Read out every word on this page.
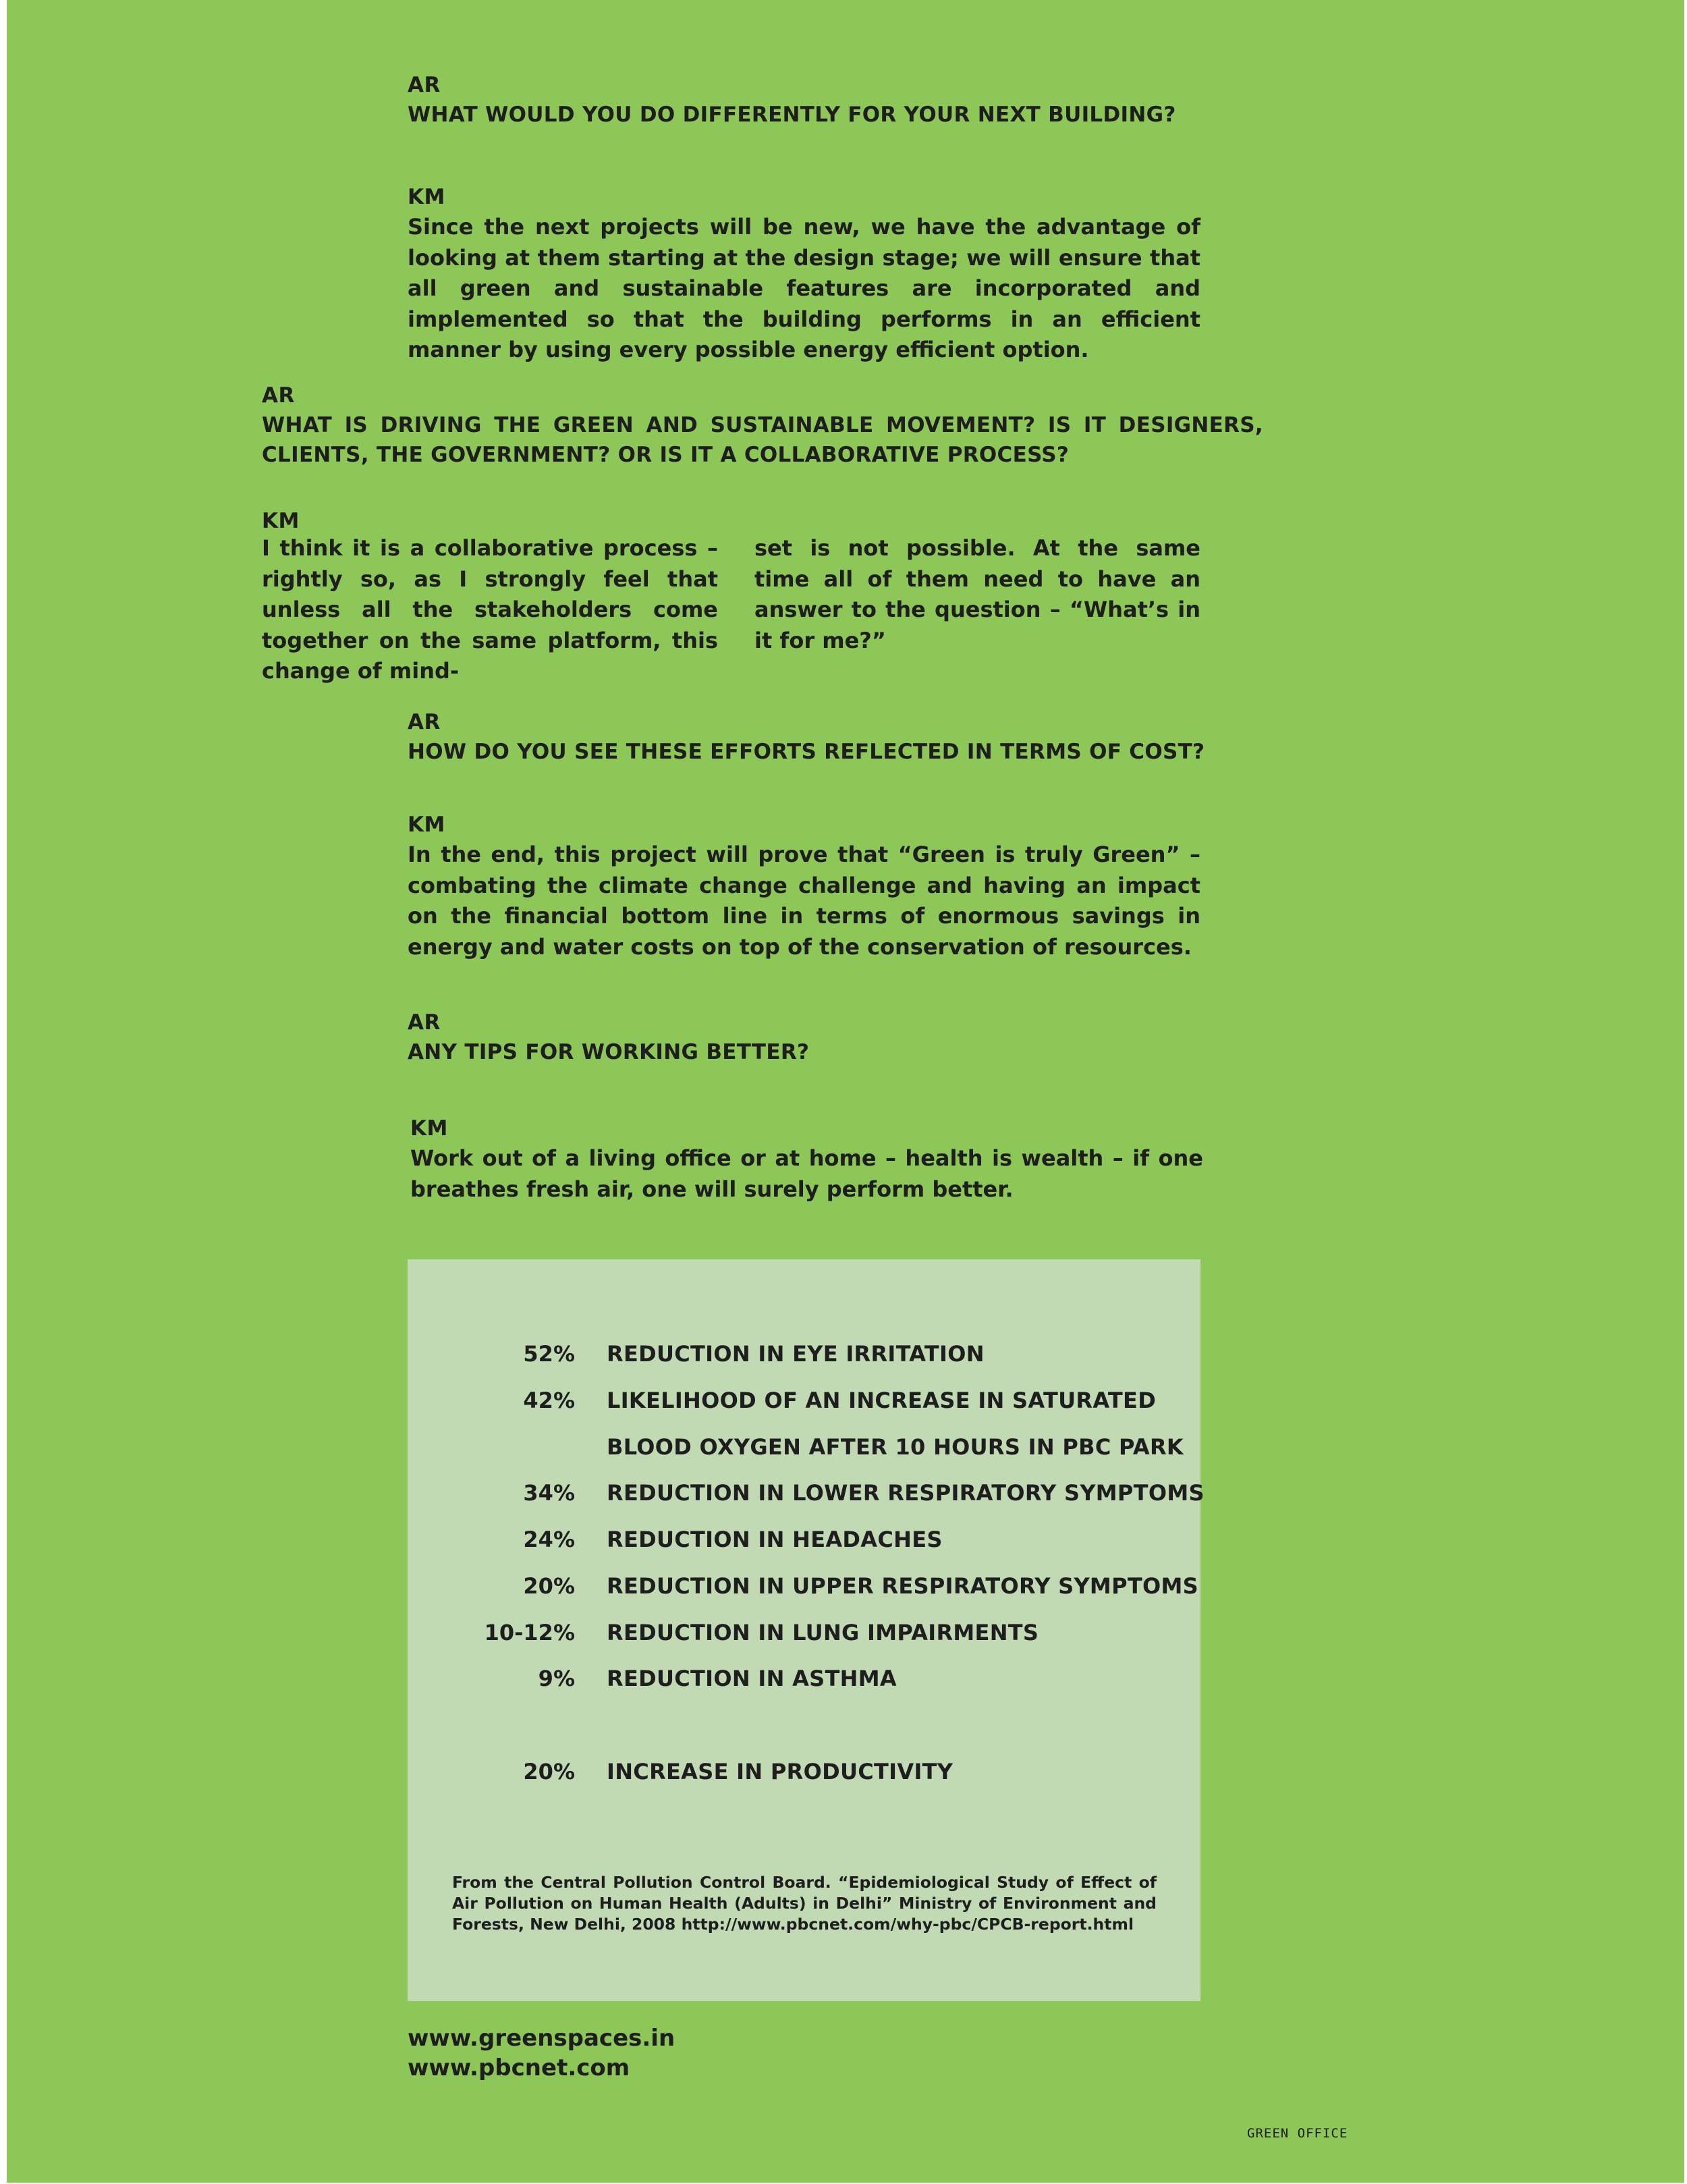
AR
WHAT WOULD YOU DO DIFFERENTLY FOR YOUR NEXT BUILDING?
KM
Since the next projects will be new, we have the advantage of looking at them starting at the design stage; we will ensure that all green and sustainable features are incorporated and implemented so that the building performs in an efficient manner by using every possible energy efficient option.
AR
WHAT IS DRIVING THE GREEN AND SUSTAINABLE MOVEMENT? IS IT DESIGNERS, CLIENTS, THE GOVERNMENT? OR IS IT A COLLABORATIVE PROCESS?
KM
I think it is a collaborative process – rightly so, as I strongly feel that unless all the stakeholders come together on the same platform, this change of mind-
set is not possible. At the same time all of them need to have an answer to the question – “What’s in it for me?”
AR
HOW DO YOU SEE THESE EFFORTS REFLECTED IN TERMS OF COST?
KM
In the end, this project will prove that “Green is truly Green” – combating the climate change challenge and having an impact on the financial bottom line in terms of enormous savings in energy and water costs on top of the conservation of resources.
AR
ANY TIPS FOR WORKING BETTER?
KM
Work out of a living office or at home – health is wealth – if one breathes fresh air, one will surely perform better.
52% REDUCTION IN EYE IRRITATION
42% LIKELIHOOD OF AN INCREASE IN SATURATED
BLOOD OXYGEN AFTER 10 HOURS IN PBC PARK
34% REDUCTION IN LOWER RESPIRATORY SYMPTOMS
24% REDUCTION IN HEADACHES
20% REDUCTION IN UPPER RESPIRATORY SYMPTOMS
10-12% REDUCTION IN LUNG IMPAIRMENTS
9% REDUCTION IN ASTHMA
20% INCREASE IN PRODUCTIVITY
From the Central Pollution Control Board. “Epidemiological Study of Effect of Air Pollution on Human Health (Adults) in Delhi” Ministry of Environment and Forests, New Delhi, 2008 http://www.pbcnet.com/why-pbc/CPCB-report.html
www.greenspaces.in
www.pbcnet.com
GREEN OFFICE
